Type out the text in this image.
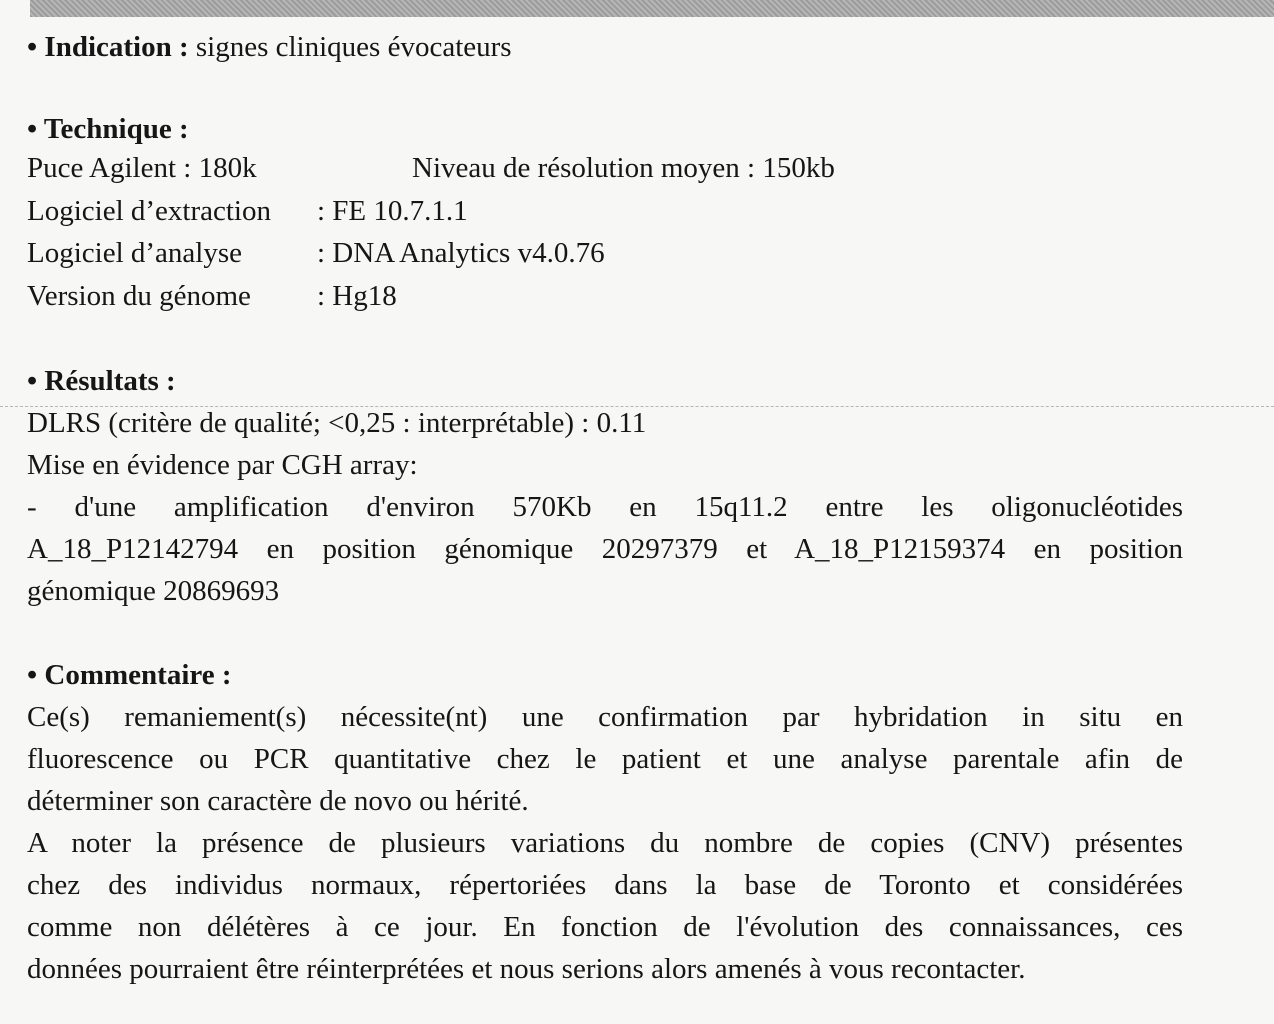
• Indication : signes cliniques évocateurs
• Technique :
Puce Agilent : 180k	Niveau de résolution moyen : 150kb
Logiciel d’extraction : FE 10.7.1.1
Logiciel d’analyse	: DNA Analytics v4.0.76
Version du génome : Hg18
• Résultats :
DLRS (critère de qualité; <0,25 : interprétable) : 0.11
Mise en évidence par CGH array:
- d'une amplification d'environ 570Kb en 15q11.2 entre les oligonucléotides
A_18_P12142794 en position génomique 20297379 et A_18_P12159374 en position
génomique 20869693
• Commentaire :
Ce(s) remaniement(s) nécessite(nt) une confirmation par hybridation in situ en
fluorescence ou PCR quantitative chez le patient et une analyse parentale afin de
déterminer son caractère de novo ou hérité.
A noter la présence de plusieurs variations du nombre de copies (CNV) présentes
chez des individus normaux, répertoriées dans la base de Toronto et considérées
comme non délétères à ce jour. En fonction de l'évolution des connaissances, ces
données pourraient être réinterprétées et nous serions alors amenés à vous recontacter.
